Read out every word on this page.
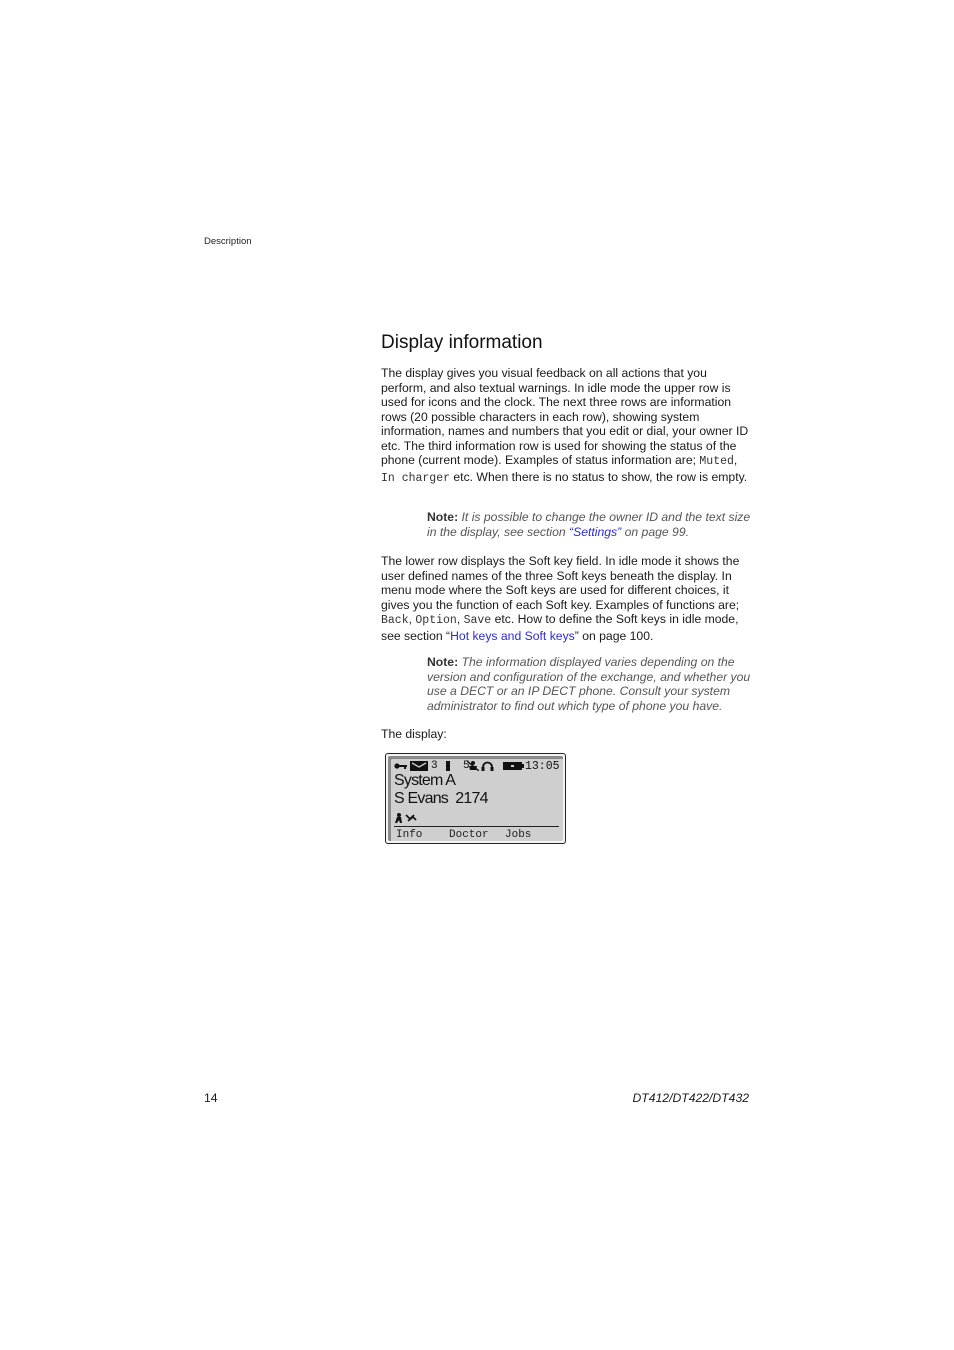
Description
Display information

The display gives you visual feedback on all actions that you perform, and also textual warnings. In idle mode the upper row is used for icons and the clock. The next three rows are information rows (20 possible characters in each row), showing system information, names and numbers that you edit or dial, your owner ID etc. The third information row is used for showing the status of the phone (current mode). Examples of status information are; Muted, In charger etc. When there is no status to show, the row is empty.

Note: It is possible to change the owner ID and the text size in the display, see section “Settings” on page 99.

The lower row displays the Soft key field. In idle mode it shows the user defined names of the three Soft keys beneath the display. In menu mode where the Soft keys are used for different choices, it gives you the function of each Soft key. Examples of functions are;
Back, Option, Save etc. How to define the Soft keys in idle mode, see section “Hot keys and Soft keys” on page 100.

Note: The information displayed varies depending on the version and configuration of the exchange, and whether you use a DECT or an IP DECT phone. Consult your system administrator to find out which type of phone you have.

The display:

3 5	13:05
System A
S Evans  2174
Info Doctor Jobs
14	DT412/DT422/DT432
